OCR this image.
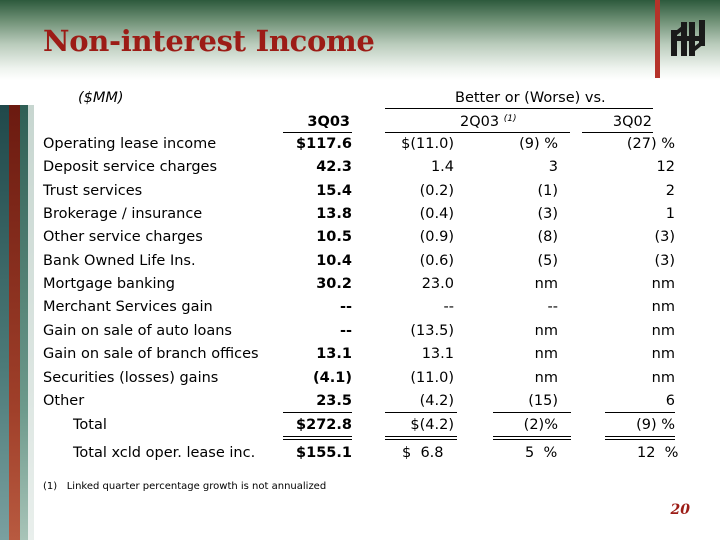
Non-interest Income
($MM)	Better or (Worse) vs.
3Q03	2Q03 $^{(1)}$	3Q02
Operating lease income	$117.6	$(11.0)	(9) %	(27) %
Deposit service charges	42.3	1.4	3	12
Trust services	15.4	(0.2)	(1)	2
Brokerage / insurance	13.8	(0.4)	(3)	1
Other service charges	10.5	(0.9)	(8)	(3)
Bank Owned Life Ins.	10.4	(0.6)	(5)	(3)
Mortgage banking	30.2	23.0	nm	nm
Merchant Services gain	--	--	--	nm
Gain on sale of auto loans	--	(13.5)	nm	nm
Gain on sale of branch offices	13.1	13.1	nm	nm
Securities (losses) gains	(4.1)	(11.0)	nm	nm
Other	23.5	(4.2)	(15)	6
Total	$272.8	$(4.2)	(2)%	(9) %
Total xcld oper. lease inc.	$155.1	$  6.8	5  %	12  %
(1) Linked quarter percentage growth is not annualized
20
